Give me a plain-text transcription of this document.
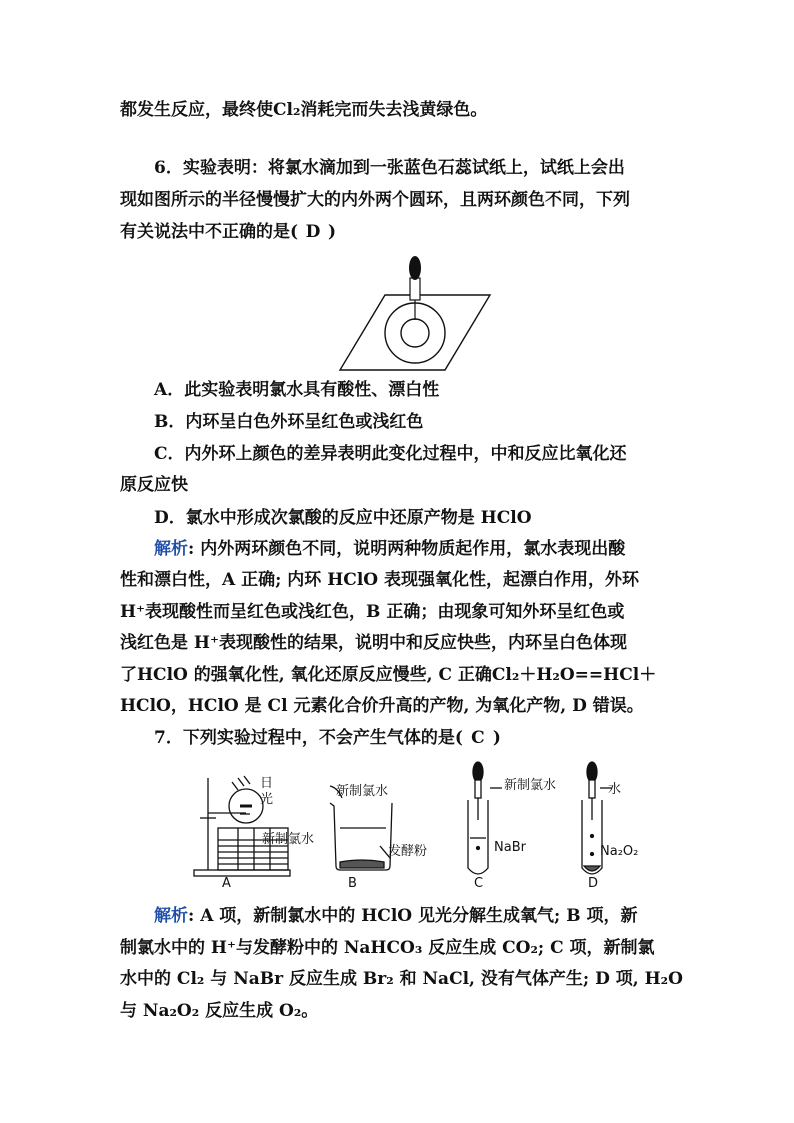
都发生反应，最终使Cl₂消耗完而失去浅黄绿色。
6．实验表明：将氯水滴加到一张蓝色石蕊试纸上，试纸上会出
现如图所示的半径慢慢扩大的内外两个圆环，且两环颜色不同，下列
有关说法中不正确的是( D )
A．此实验表明氯水具有酸性、漂白性
B．内环呈白色外环呈红色或浅红色
C．内外环上颜色的差异表明此变化过程中，中和反应比氧化还
原反应快
D．氯水中形成次氯酸的反应中还原产物是 HClO
解析: 内外两环颜色不同，说明两种物质起作用，氯水表现出酸
性和漂白性，A 正确; 内环 HClO 表现强氧化性，起漂白作用，外环
H⁺表现酸性而呈红色或浅红色，B 正确；由现象可知外环呈红色或
浅红色是 H⁺表现酸性的结果，说明中和反应快些，内环呈白色体现
了HClO 的强氧化性, 氧化还原反应慢些, C 正确Cl₂＋H₂O==HCl＋
HClO，HClO 是 Cl 元素化合价升高的产物, 为氧化产物, D 错误。
7．下列实验过程中，不会产生气体的是( C )
日
光
新制氯水
A
新制氯水
发酵粉
B
新制氯水
NaBr
C
水
Na₂O₂
D
解析: A 项，新制氯水中的 HClO 见光分解生成氧气; B 项，新
制氯水中的 H⁺与发酵粉中的 NaHCO₃ 反应生成 CO₂; C 项，新制氯
水中的 Cl₂ 与 NaBr 反应生成 Br₂ 和 NaCl, 没有气体产生; D 项, H₂O
与 Na₂O₂ 反应生成 O₂。
